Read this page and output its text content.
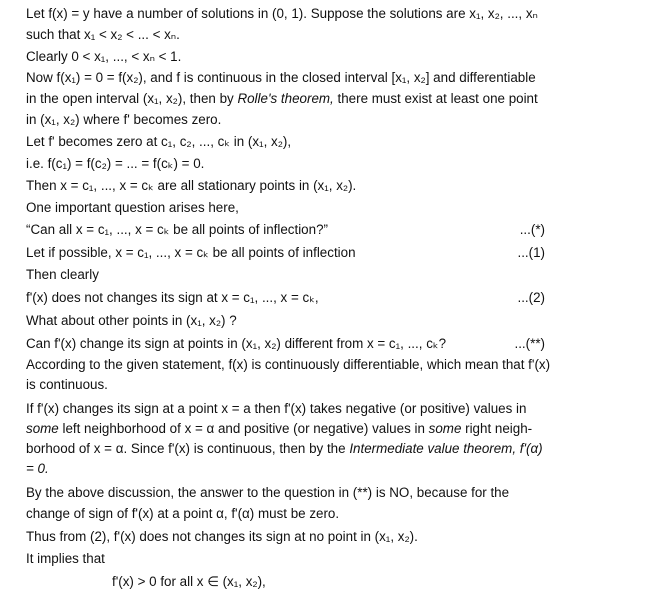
Let f(x) = y have a number of solutions in (0, 1). Suppose the solutions are x₁, x₂, ..., xₙ
such that x₁ < x₂ < ... < xₙ.
Clearly 0 < x₁, ..., < xₙ < 1.
Now f(x₁) = 0 = f(x₂), and f is continuous in the closed interval [x₁, x₂] and differentiable
in the open interval (x₁, x₂), then by Rolle's theorem, there must exist at least one point
in (x₁, x₂) where f' becomes zero.
Let f' becomes zero at c₁, c₂, ..., cₖ in (x₁, x₂),
i.e. f(c₁) = f(c₂) = ... = f(cₖ) = 0.
Then x = c₁, ..., x = cₖ are all stationary points in (x₁, x₂).
One important question arises here,
“Can all x = c₁, ..., x = cₖ be all points of inflection?”	...(*)
Let if possible, x = c₁, ..., x = cₖ be all points of inflection	...(1)
Then clearly
f'(x) does not changes its sign at x = c₁, ..., x = cₖ,	...(2)
What about other points in (x₁, x₂) ?
Can f'(x) change its sign at points in (x₁, x₂) different from x = c₁, ..., cₖ?	...(**)
According to the given statement, f(x) is continuously differentiable, which mean that f'(x)
is continuous.
If f'(x) changes its sign at a point x = a then f'(x) takes negative (or positive) values in
some left neighborhood of x = α and positive (or negative) values in some right neigh-
borhood of x = α. Since f'(x) is continuous, then by the Intermediate value theorem, f'(α)
= 0.
By the above discussion, the answer to the question in (**) is NO, because for the
change of sign of f'(x) at a point α, f'(α) must be zero.
Thus from (2), f'(x) does not changes its sign at no point in (x₁, x₂).
It implies that
f'(x) > 0 for all x ∈ (x₁, x₂),
